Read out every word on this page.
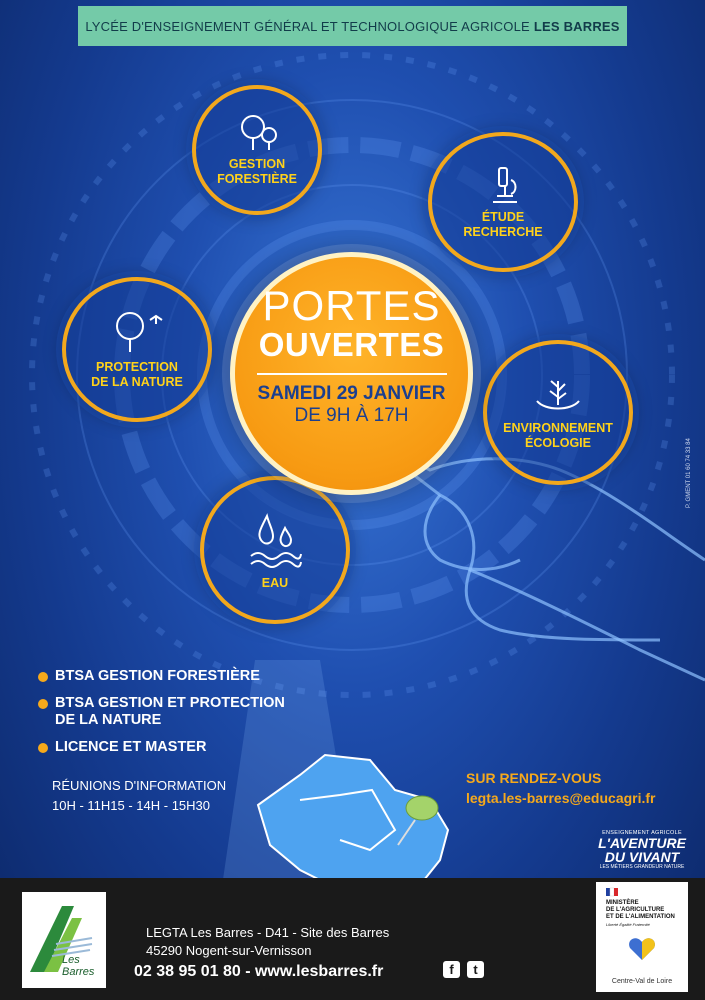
LYCÉE D'ENSEIGNEMENT GÉNÉRAL ET TECHNOLOGIQUE AGRICOLE LES BARRES
GESTION
FORESTIÈRE
ÉTUDE
RECHERCHE
PROTECTION
DE LA NATURE
ENVIRONNEMENT
ÉCOLOGIE
EAU
PORTES
OUVERTES
SAMEDI 29 JANVIER
DE 9H À 17H
BTSA GESTION FORESTIÈRE
BTSA GESTION ET PROTECTION
DE LA NATURE
LICENCE ET MASTER
RÉUNIONS D'INFORMATION
10H - 11H15 - 14H - 15H30
SUR RENDEZ-VOUS
legta.les-barres@educagri.fr
P. GMENT 01 60 74 33 84
ENSEIGNEMENT AGRICOLE
L'AVENTURE
DU VIVANT
LES MÉTIERS GRANDEUR NATURE
Les Barres
LEGTA Les Barres - D41 - Site des Barres
45290 Nogent-sur-Vernisson
02 38 95 01 80 - www.lesbarres.fr	f	t
MINISTÈRE
DE L'AGRICULTURE
ET DE L'ALIMENTATION
Liberté Égalité Fraternité
Centre-Val de Loire
